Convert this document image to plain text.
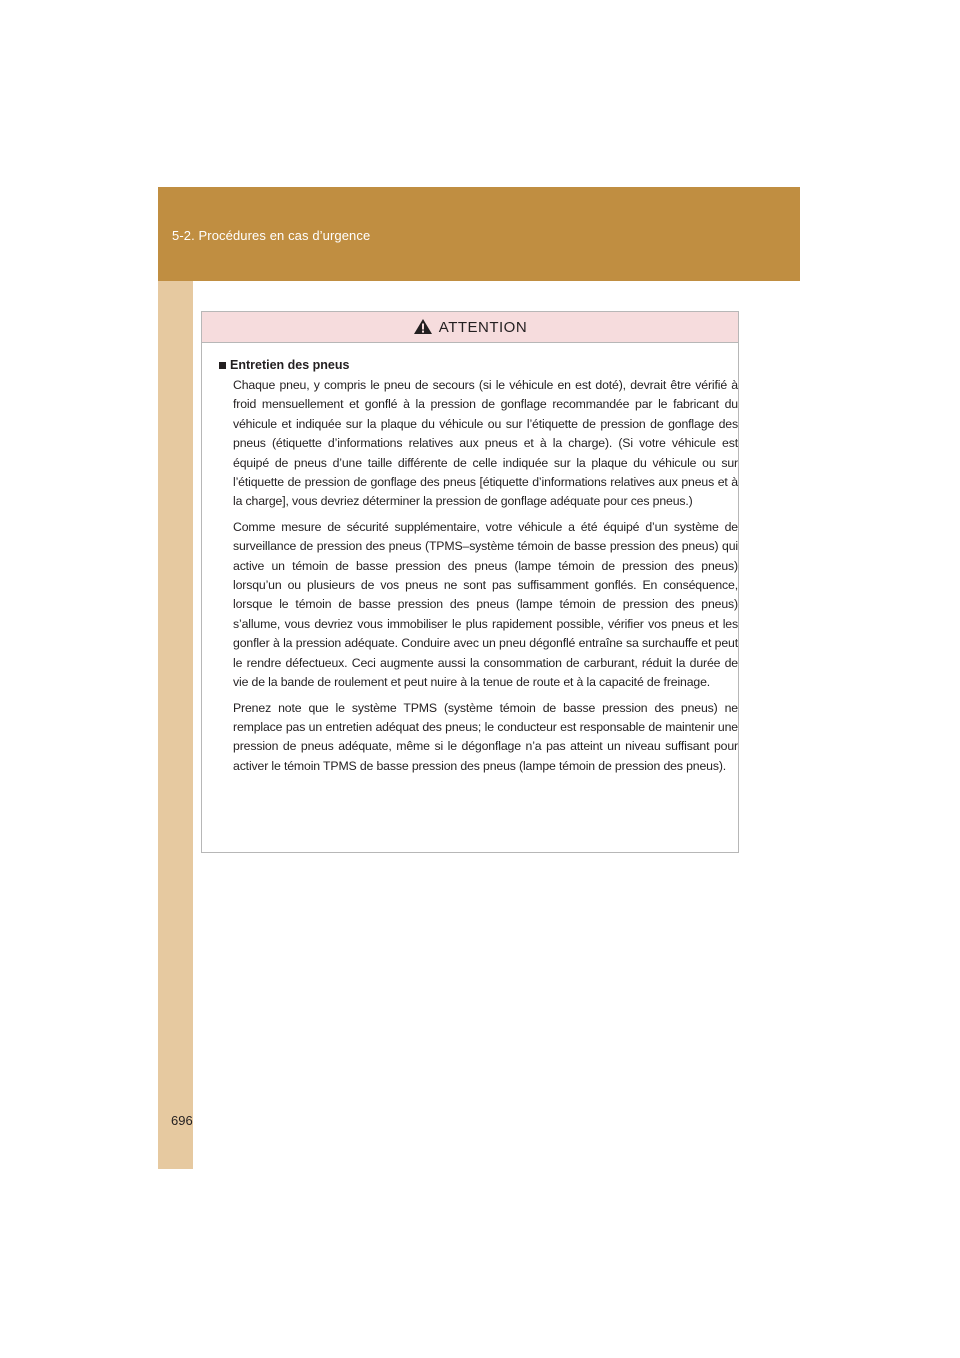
5-2. Procédures en cas d’urgence
ATTENTION
Entretien des pneus

Chaque pneu, y compris le pneu de secours (si le véhicule en est doté), devrait être vérifié à froid mensuellement et gonflé à la pression de gonflage recommandée par le fabricant du véhicule et indiquée sur la plaque du véhicule ou sur l’étiquette de pression de gonflage des pneus (étiquette d’informations relatives aux pneus et à la charge). (Si votre véhicule est équipé de pneus d’une taille différente de celle indiquée sur la plaque du véhicule ou sur l’étiquette de pression de gonflage des pneus [étiquette d’informations relatives aux pneus et à la charge], vous devriez déterminer la pression de gonflage adéquate pour ces pneus.)

Comme mesure de sécurité supplémentaire, votre véhicule a été équipé d’un système de surveillance de pression des pneus (TPMS–système témoin de basse pression des pneus) qui active un témoin de basse pression des pneus (lampe témoin de pression des pneus) lorsqu’un ou plusieurs de vos pneus ne sont pas suffisamment gonflés. En conséquence, lorsque le témoin de basse pression des pneus (lampe témoin de pression des pneus) s’allume, vous devriez vous immobiliser le plus rapidement possible, vérifier vos pneus et les gonfler à la pression adéquate. Conduire avec un pneu dégonflé entraîne sa surchauffe et peut le rendre défectueux. Ceci augmente aussi la consommation de carburant, réduit la durée de vie de la bande de roulement et peut nuire à la tenue de route et à la capacité de freinage.

Prenez note que le système TPMS (système témoin de basse pression des pneus) ne remplace pas un entretien adéquat des pneus; le conducteur est responsable de maintenir une pression de pneus adéquate, même si le dégonflage n’a pas atteint un niveau suffisant pour activer le témoin TPMS de basse pression des pneus (lampe témoin de pression des pneus).

696
